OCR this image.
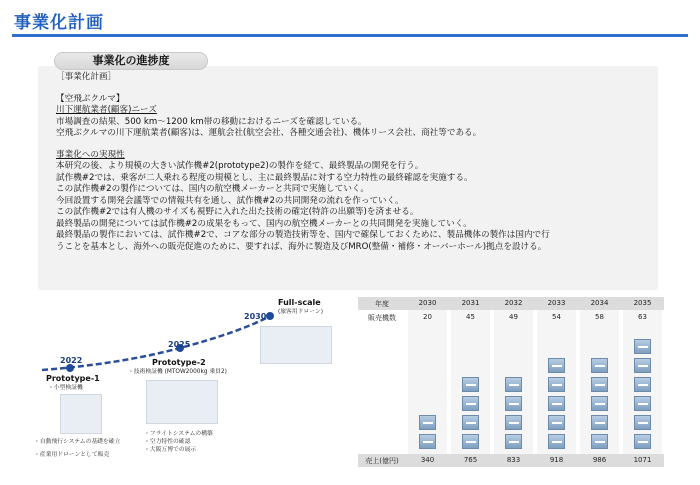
事業化計画
事業化の進捗度

［事業化計画］

【空飛ぶクルマ】

川下運航業者(顧客)ニーズ

市場調査の結果、500 km〜1200 km帯の移動におけるニーズを確認している。

空飛ぶクルマの川下運航業者(顧客)は、運航会社(航空会社、各種交通会社)、機体リース会社、商社等である。

事業化への実現性

本研究の後、より規模の大きい試作機#2(prototype2)の製作を経て、最終製品の開発を行う。

試作機#2では、乗客が二人乗れる程度の規模とし、主に最終製品に対する空力特性の最終確認を実施する。

この試作機#2の製作については、国内の航空機メーカーと共同で実施していく。

今回設置する開発会議等での情報共有を通し、試作機#2の共同開発の流れを作っていく。

この試作機#2では有人機のサイズも視野に入れた出た技術の確定(特許の出願等)を済ませる。

最終製品の開発については試作機#2の成果をもって、国内の航空機メーカーとの共同開発を実施していく。

最終製品の製作においては、試作機#2で、コアな部分の製造技術等を、国内で確保しておくために、製品機体の製作は国内で行

うことを基本とし、海外への販売促進のために、要すれば、海外に製造及びMRO(整備・補修・オーバーホール)拠点を設ける。

2022
Prototype-1
・小型検証機
・自動飛行システムの基礎を確立
・産業用ドローンとして販売
2025
Prototype-2
・技術検証機 (MTOW2000kg 乗員2)
・フライトシステムの構築
・空力特性の確認
・大阪万博での展示
2030
Full-scale
(旅客用ドローン)
年度
販売機数
売上(億円)
2030
20
340
2031
45
765
2032
49
833
2033
54
918
2034
58
986
2035
63
1071
